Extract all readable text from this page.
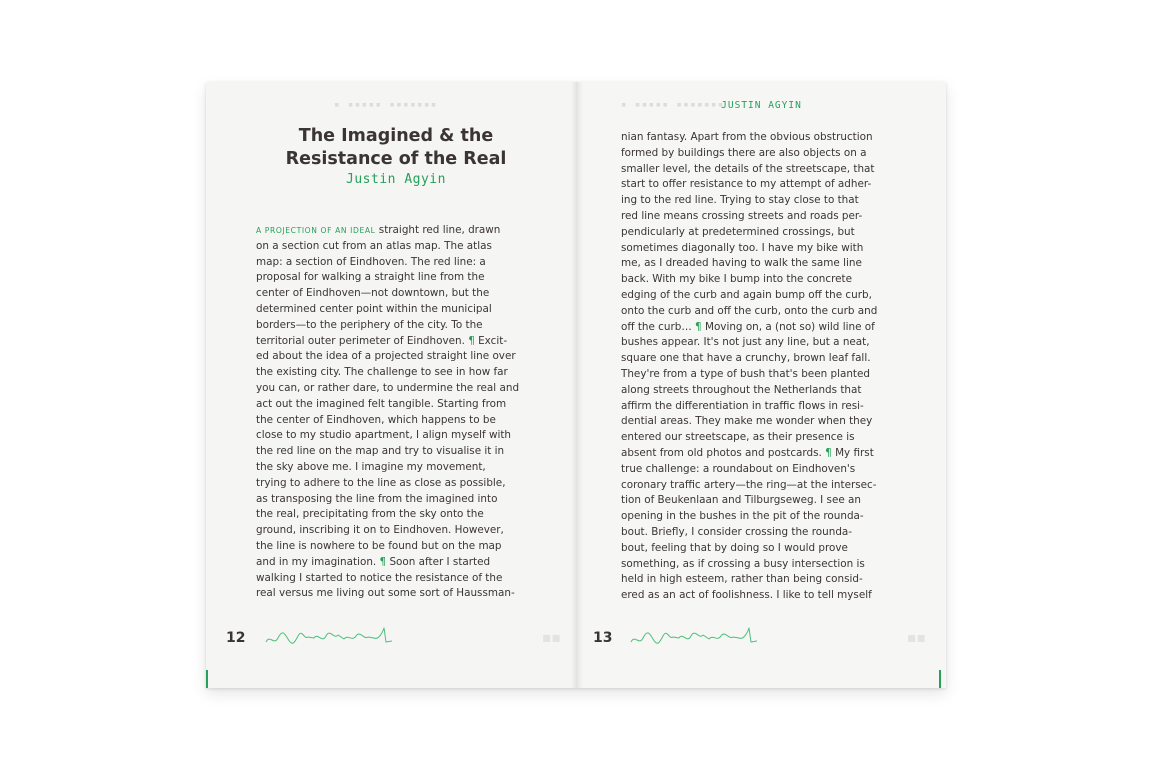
▪ ▪▪▪▪▪ ▪▪▪▪▪▪▪
The Imagined & the
Resistance of the Real
Justin Agyin

A PROJECTION OF AN IDEAL straight red line, drawn
on a section cut from an atlas map. The atlas
map: a section of Eindhoven. The red line: a
proposal for walking a straight line from the
center of Eindhoven—not downtown, but the
determined center point within the municipal
borders—to the periphery of the city. To the
territorial outer perimeter of Eindhoven. ¶ Excit-
ed about the idea of a projected straight line over
the existing city. The challenge to see in how far
you can, or rather dare, to undermine the real and
act out the imagined felt tangible. Starting from
the center of Eindhoven, which happens to be
close to my studio apartment, I align myself with
the red line on the map and try to visualise it in
the sky above me. I imagine my movement,
trying to adhere to the line as close as possible,
as transposing the line from the imagined into
the real, precipitating from the sky onto the
ground, inscribing it on to Eindhoven. However,
the line is nowhere to be found but on the map
and in my imagination. ¶ Soon after I started
walking I started to notice the resistance of the
real versus me living out some sort of Haussman-

12	▪▪
▪ ▪▪▪▪▪ ▪▪▪▪▪▪▪
JUSTIN AGYIN

nian fantasy. Apart from the obvious obstruction
formed by buildings there are also objects on a
smaller level, the details of the streetscape, that
start to offer resistance to my attempt of adher-
ing to the red line. Trying to stay close to that
red line means crossing streets and roads per-
pendicularly at predetermined crossings, but
sometimes diagonally too. I have my bike with
me, as I dreaded having to walk the same line
back. With my bike I bump into the concrete
edging of the curb and again bump off the curb,
onto the curb and off the curb, onto the curb and
off the curb… ¶ Moving on, a (not so) wild line of
bushes appear. It's not just any line, but a neat,
square one that have a crunchy, brown leaf fall.
They're from a type of bush that's been planted
along streets throughout the Netherlands that
affirm the differentiation in traffic flows in resi-
dential areas. They make me wonder when they
entered our streetscape, as their presence is
absent from old photos and postcards. ¶ My first
true challenge: a roundabout on Eindhoven's
coronary traffic artery—the ring—at the intersec-
tion of Beukenlaan and Tilburgseweg. I see an
opening in the bushes in the pit of the rounda-
bout. Briefly, I consider crossing the rounda-
bout, feeling that by doing so I would prove
something, as if crossing a busy intersection is
held in high esteem, rather than being consid-
ered as an act of foolishness. I like to tell myself

13	▪▪
